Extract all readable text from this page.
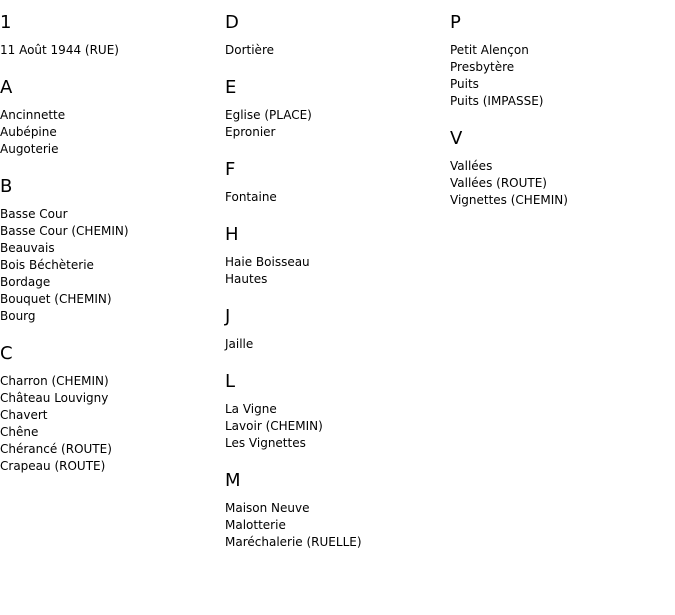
1
11 Août 1944 (RUE)
A
Ancinnette
Aubépine
Augoterie
B
Basse Cour
Basse Cour (CHEMIN)
Beauvais
Bois Béchèterie
Bordage
Bouquet (CHEMIN)
Bourg
C
Charron (CHEMIN)
Château Louvigny
Chavert
Chêne
Chérancé (ROUTE)
Crapeau (ROUTE)
D
Dortière
E
Eglise (PLACE)
Epronier
F
Fontaine
H
Haie Boisseau
Hautes
J
Jaille
L
La Vigne
Lavoir (CHEMIN)
Les Vignettes
M
Maison Neuve
Malotterie
Maréchalerie (RUELLE)
P
Petit Alençon
Presbytère
Puits
Puits (IMPASSE)
V
Vallées
Vallées (ROUTE)
Vignettes (CHEMIN)
